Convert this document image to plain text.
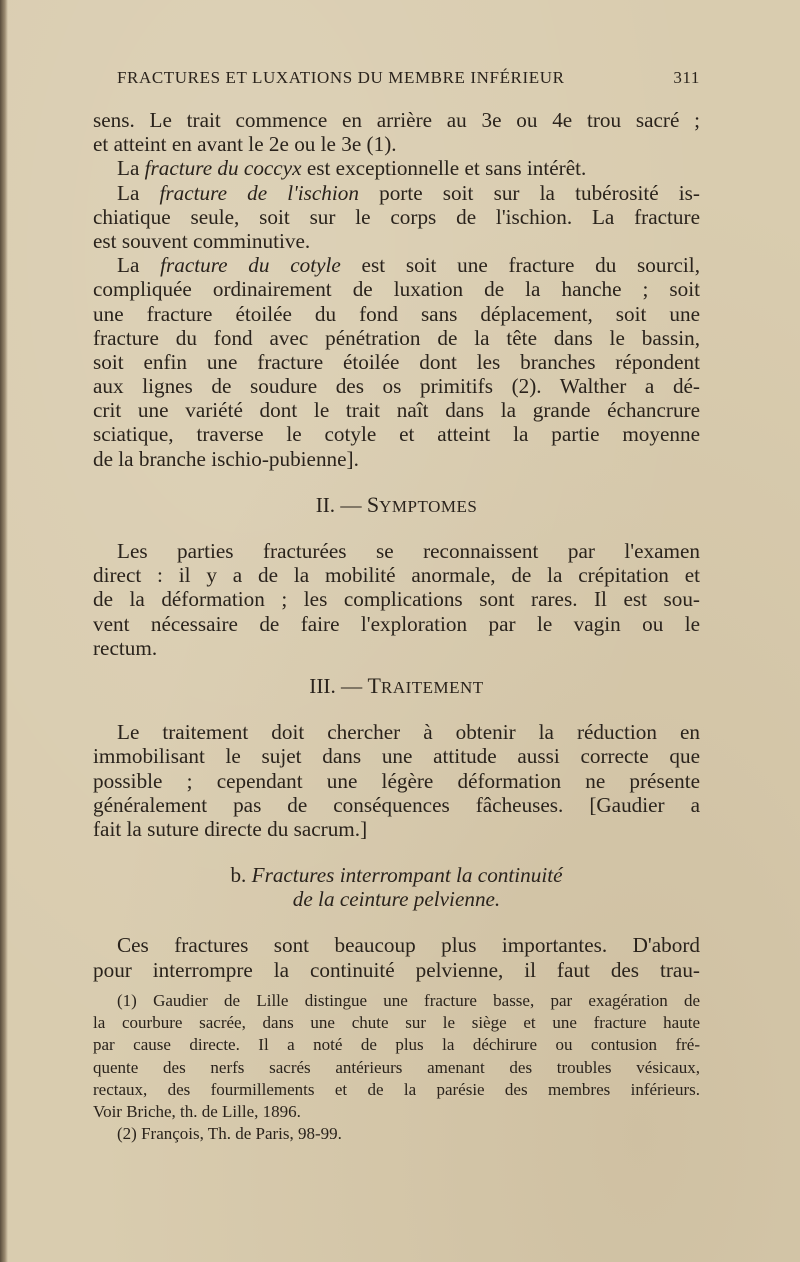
FRACTURES ET LUXATIONS DU MEMBRE INFÉRIEUR	311
sens. Le trait commence en arrière au 3e ou 4e trou sacré ;
et atteint en avant le 2e ou le 3e (1).
La fracture du coccyx est exceptionnelle et sans intérêt.
La fracture de l'ischion porte soit sur la tubérosité is-
chiatique seule, soit sur le corps de l'ischion. La fracture
est souvent comminutive.
La fracture du cotyle est soit une fracture du sourcil,
compliquée ordinairement de luxation de la hanche ; soit
une fracture étoilée du fond sans déplacement, soit une
fracture du fond avec pénétration de la tête dans le bassin,
soit enfin une fracture étoilée dont les branches répondent
aux lignes de soudure des os primitifs (2). Walther a dé-
crit une variété dont le trait naît dans la grande échancrure
sciatique, traverse le cotyle et atteint la partie moyenne
de la branche ischio-pubienne].
II. — SYMPTOMES
Les parties fracturées se reconnaissent par l'examen
direct : il y a de la mobilité anormale, de la crépitation et
de la déformation ; les complications sont rares. Il est sou-
vent nécessaire de faire l'exploration par le vagin ou le
rectum.
III. — TRAITEMENT
Le traitement doit chercher à obtenir la réduction en
immobilisant le sujet dans une attitude aussi correcte que
possible ; cependant une légère déformation ne présente
généralement pas de conséquences fâcheuses. [Gaudier a
fait la suture directe du sacrum.]
b. Fractures interrompant la continuité
de la ceinture pelvienne.
Ces fractures sont beaucoup plus importantes. D'abord
pour interrompre la continuité pelvienne, il faut des trau-
(1) Gaudier de Lille distingue une fracture basse, par exagération de
la courbure sacrée, dans une chute sur le siège et une fracture haute
par cause directe. Il a noté de plus la déchirure ou contusion fré-
quente des nerfs sacrés antérieurs amenant des troubles vésicaux,
rectaux, des fourmillements et de la parésie des membres inférieurs.
Voir Briche, th. de Lille, 1896.
(2) François, Th. de Paris, 98-99.
